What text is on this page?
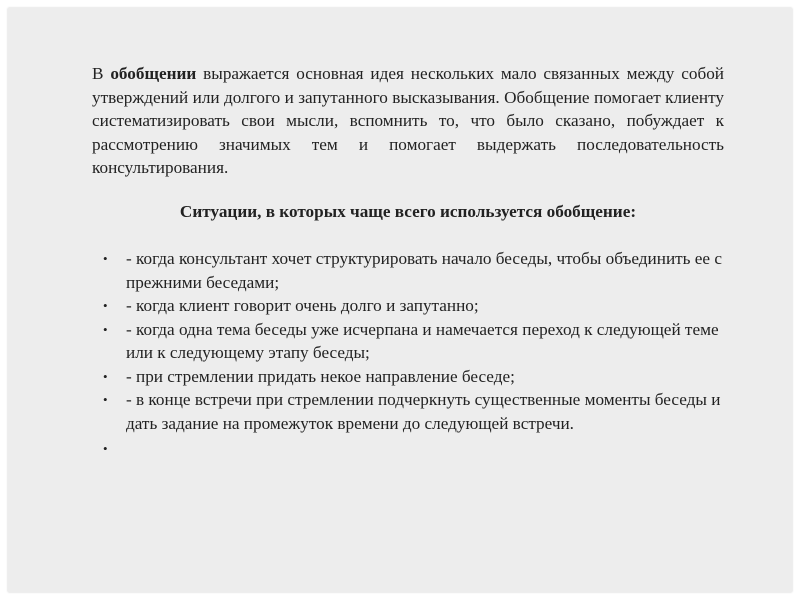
В обобщении выражается основная идея нескольких мало связанных между собой утверждений или долгого и запутанного высказывания. Обобщение помогает клиенту систематизировать свои мысли, вспомнить то, что было сказано, побуждает к рассмотрению значимых тем и помогает выдержать последовательность консультирования.

Ситуации, в которых чаще всего используется обобщение:

• - когда консультант хочет структурировать начало беседы, чтобы объединить ее с прежними беседами;
• - когда клиент говорит очень долго и запутанно;
• - когда одна тема беседы уже исчерпана и намечается переход к следующей теме или к следующему этапу беседы;
• - при стремлении придать некое направление беседе;
• - в конце встречи при стремлении подчеркнуть существенные моменты беседы и дать задание на промежуток времени до следующей встречи.
•
